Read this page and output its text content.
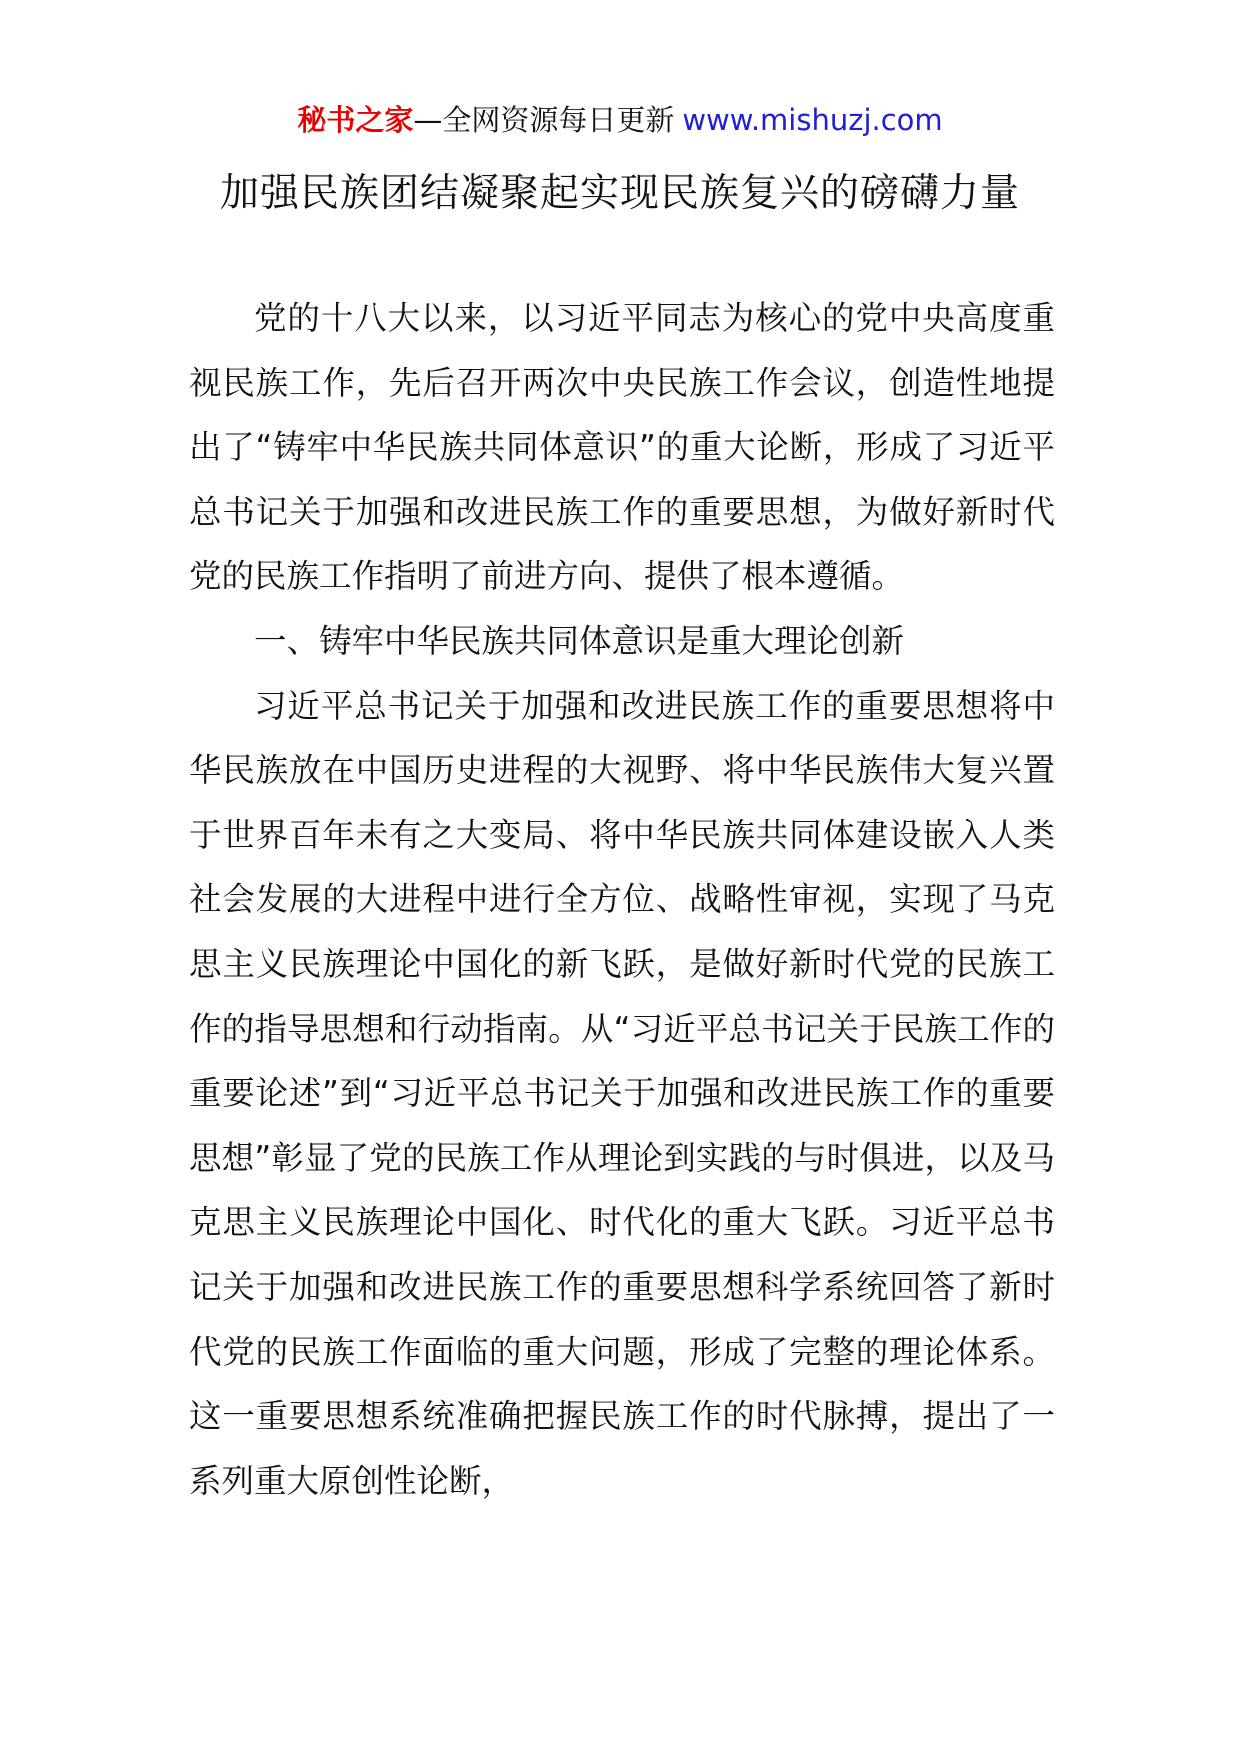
秘书之家—全网资源每日更新 www.mishuzj.com
加强民族团结凝聚起实现民族复兴的磅礴力量

党的十八大以来，以习近平同志为核心的党中央高度重视民族工作，先后召开两次中央民族工作会议，创造性地提出了“铸牢中华民族共同体意识”的重大论断，形成了习近平总书记关于加强和改进民族工作的重要思想，为做好新时代党的民族工作指明了前进方向、提供了根本遵循。

一、铸牢中华民族共同体意识是重大理论创新

习近平总书记关于加强和改进民族工作的重要思想将中华民族放在中国历史进程的大视野、将中华民族伟大复兴置于世界百年未有之大变局、将中华民族共同体建设嵌入人类社会发展的大进程中进行全方位、战略性审视，实现了马克思主义民族理论中国化的新飞跃，是做好新时代党的民族工作的指导思想和行动指南。从“习近平总书记关于民族工作的重要论述”到“习近平总书记关于加强和改进民族工作的重要思想”彰显了党的民族工作从理论到实践的与时俱进，以及马克思主义民族理论中国化、时代化的重大飞跃。习近平总书记关于加强和改进民族工作的重要思想科学系统回答了新时代党的民族工作面临的重大问题，形成了完整的理论体系。这一重要思想系统准确把握民族工作的时代脉搏，提出了一系列重大原创性论断，
